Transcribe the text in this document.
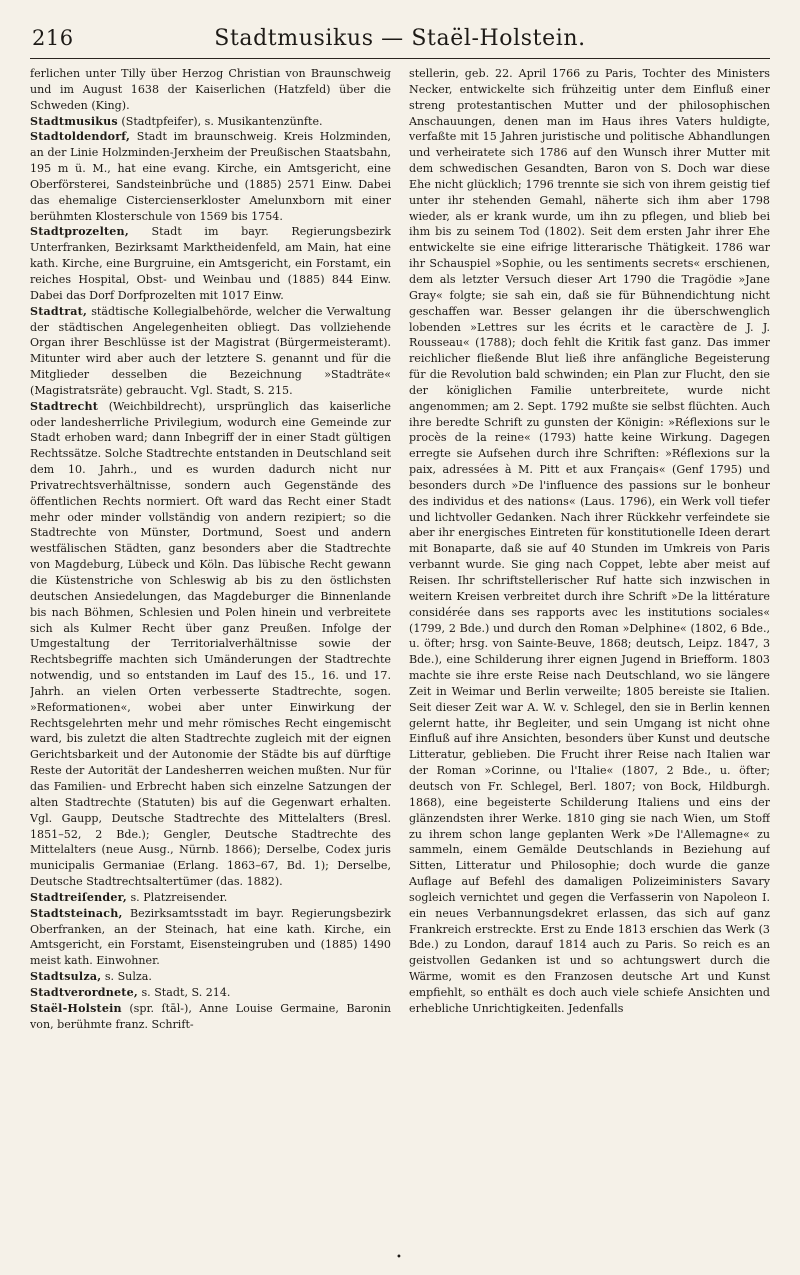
216	Stadtmusikus — Staël-Holstein.

ferlichen unter Tilly über Herzog Christian von Braunschweig und im August 1638 der Kaiserlichen (Hatzfeld) über die Schweden (King).

Stadtmusikus (Stadtpfeifer), s. Musikantenzünfte.

Stadtoldendorf, Stadt im braunschweig. Kreis Holzminden, an der Linie Holzminden-Jerxheim der Preußischen Staatsbahn, 195 m ü. M., hat eine evang. Kirche, ein Amtsgericht, eine Oberförsterei, Sandsteinbrüche und (1885) 2571 Einw. Dabei das ehemalige Cistercienserkloster Amelunxborn mit einer berühmten Klosterschule von 1569 bis 1754.

Stadtprozelten, Stadt im bayr. Regierungsbezirk Unterfranken, Bezirksamt Marktheidenfeld, am Main, hat eine kath. Kirche, eine Burgruine, ein Amtsgericht, ein Forstamt, ein reiches Hospital, Obst- und Weinbau und (1885) 844 Einw. Dabei das Dorf Dorfprozelten mit 1017 Einw.

Stadtrat, städtische Kollegialbehörde, welcher die Verwaltung der städtischen Angelegenheiten obliegt. Das vollziehende Organ ihrer Beschlüsse ist der Magistrat (Bürgermeisteramt). Mitunter wird aber auch der letztere S. genannt und für die Mitglieder desselben die Bezeichnung »Stadträte« (Magistratsräte) gebraucht. Vgl. Stadt, S. 215.

Stadtrecht (Weichbildrecht), ursprünglich das kaiserliche oder landesherrliche Privilegium, wodurch eine Gemeinde zur Stadt erhoben ward; dann Inbegriff der in einer Stadt gültigen Rechtssätze. Solche Stadtrechte entstanden in Deutschland seit dem 10. Jahrh., und es wurden dadurch nicht nur Privatrechtsverhältnisse, sondern auch Gegenstände des öffentlichen Rechts normiert. Oft ward das Recht einer Stadt mehr oder minder vollständig von andern rezipiert; so die Stadtrechte von Münster, Dortmund, Soest und andern westfälischen Städten, ganz besonders aber die Stadtrechte von Magdeburg, Lübeck und Köln. Das lübische Recht gewann die Küstenstriche von Schleswig ab bis zu den östlichsten deutschen Ansiedelungen, das Magdeburger die Binnenlande bis nach Böhmen, Schlesien und Polen hinein und verbreitete sich als Kulmer Recht über ganz Preußen. Infolge der Umgestaltung der Territorialverhältnisse sowie der Rechtsbegriffe machten sich Umänderungen der Stadtrechte notwendig, und so entstanden im Lauf des 15., 16. und 17. Jahrh. an vielen Orten verbesserte Stadtrechte, sogen. »Reformationen«, wobei aber unter Einwirkung der Rechtsgelehrten mehr und mehr römisches Recht eingemischt ward, bis zuletzt die alten Stadtrechte zugleich mit der eignen Gerichtsbarkeit und der Autonomie der Städte bis auf dürftige Reste der Autorität der Landesherren weichen mußten. Nur für das Familien- und Erbrecht haben sich einzelne Satzungen der alten Stadtrechte (Statuten) bis auf die Gegenwart erhalten. Vgl. Gaupp, Deutsche Stadtrechte des Mittelalters (Bresl. 1851–52, 2 Bde.); Gengler, Deutsche Stadtrechte des Mittelalters (neue Ausg., Nürnb. 1866); Derselbe, Codex juris municipalis Germaniae (Erlang. 1863–67, Bd. 1); Derselbe, Deutsche Stadtrechtsaltertümer (das. 1882).

Stadtreiſender, s. Platzreisender.

Stadtsteinach, Bezirksamtsstadt im bayr. Regierungsbezirk Oberfranken, an der Steinach, hat eine kath. Kirche, ein Amtsgericht, ein Forstamt, Eisensteingruben und (1885) 1490 meist kath. Einwohner.

Stadtsulza, s. Sulza.

Stadtverordnete, s. Stadt, S. 214.

Staël-Holstein (spr. ſtāl-), Anne Louise Germaine, Baronin von, berühmte franz. Schrift-

stellerin, geb. 22. April 1766 zu Paris, Tochter des Ministers Necker, entwickelte sich frühzeitig unter dem Einfluß einer streng protestantischen Mutter und der philosophischen Anschauungen, denen man im Haus ihres Vaters huldigte, verfaßte mit 15 Jahren juristische und politische Abhandlungen und verheiratete sich 1786 auf den Wunsch ihrer Mutter mit dem schwedischen Gesandten, Baron von S. Doch war diese Ehe nicht glücklich; 1796 trennte sie sich von ihrem geistig tief unter ihr stehenden Gemahl, näherte sich ihm aber 1798 wieder, als er krank wurde, um ihn zu pflegen, und blieb bei ihm bis zu seinem Tod (1802). Seit dem ersten Jahr ihrer Ehe entwickelte sie eine eifrige litterarische Thätigkeit. 1786 war ihr Schauspiel »Sophie, ou les sentiments secrets« erschienen, dem als letzter Versuch dieser Art 1790 die Tragödie »Jane Gray« folgte; sie sah ein, daß sie für Bühnendichtung nicht geschaffen war. Besser gelangen ihr die überschwenglich lobenden »Lettres sur les écrits et le caractère de J. J. Rousseau« (1788); doch fehlt die Kritik fast ganz. Das immer reichlicher fließende Blut ließ ihre anfängliche Begeisterung für die Revolution bald schwinden; ein Plan zur Flucht, den sie der königlichen Familie unterbreitete, wurde nicht angenommen; am 2. Sept. 1792 mußte sie selbst flüchten. Auch ihre beredte Schrift zu gunsten der Königin: »Réflexions sur le procès de la reine« (1793) hatte keine Wirkung. Dagegen erregte sie Aufsehen durch ihre Schriften: »Réflexions sur la paix, adressées à M. Pitt et aux Français« (Genf 1795) und besonders durch »De l'influence des passions sur le bonheur des individus et des nations« (Laus. 1796), ein Werk voll tiefer und lichtvoller Gedanken. Nach ihrer Rückkehr verfeindete sie aber ihr energisches Eintreten für konstitutionelle Ideen derart mit Bonaparte, daß sie auf 40 Stunden im Umkreis von Paris verbannt wurde. Sie ging nach Coppet, lebte aber meist auf Reisen. Ihr schriftstellerischer Ruf hatte sich inzwischen in weitern Kreisen verbreitet durch ihre Schrift »De la littérature considérée dans ses rapports avec les institutions sociales« (1799, 2 Bde.) und durch den Roman »Delphine« (1802, 6 Bde., u. öfter; hrsg. von Sainte-Beuve, 1868; deutsch, Leipz. 1847, 3 Bde.), eine Schilderung ihrer eignen Jugend in Briefform. 1803 machte sie ihre erste Reise nach Deutschland, wo sie längere Zeit in Weimar und Berlin verweilte; 1805 bereiste sie Italien. Seit dieser Zeit war A. W. v. Schlegel, den sie in Berlin kennen gelernt hatte, ihr Begleiter, und sein Umgang ist nicht ohne Einfluß auf ihre Ansichten, besonders über Kunst und deutsche Litteratur, geblieben. Die Frucht ihrer Reise nach Italien war der Roman »Corinne, ou l'Italie« (1807, 2 Bde., u. öfter; deutsch von Fr. Schlegel, Berl. 1807; von Bock, Hildburgh. 1868), eine begeisterte Schilderung Italiens und eins der glänzendsten ihrer Werke. 1810 ging sie nach Wien, um Stoff zu ihrem schon lange geplanten Werk »De l'Allemagne« zu sammeln, einem Gemälde Deutschlands in Beziehung auf Sitten, Litteratur und Philosophie; doch wurde die ganze Auflage auf Befehl des damaligen Polizeiministers Savary sogleich vernichtet und gegen die Verfasserin von Napoleon I. ein neues Verbannungsdekret erlassen, das sich auf ganz Frankreich erstreckte. Erst zu Ende 1813 erschien das Werk (3 Bde.) zu London, darauf 1814 auch zu Paris. So reich es an geistvollen Gedanken ist und so achtungswert durch die Wärme, womit es den Franzosen deutsche Art und Kunst empfiehlt, so enthält es doch auch viele schiefe Ansichten und erhebliche Unrichtigkeiten. Jedenfalls

•
